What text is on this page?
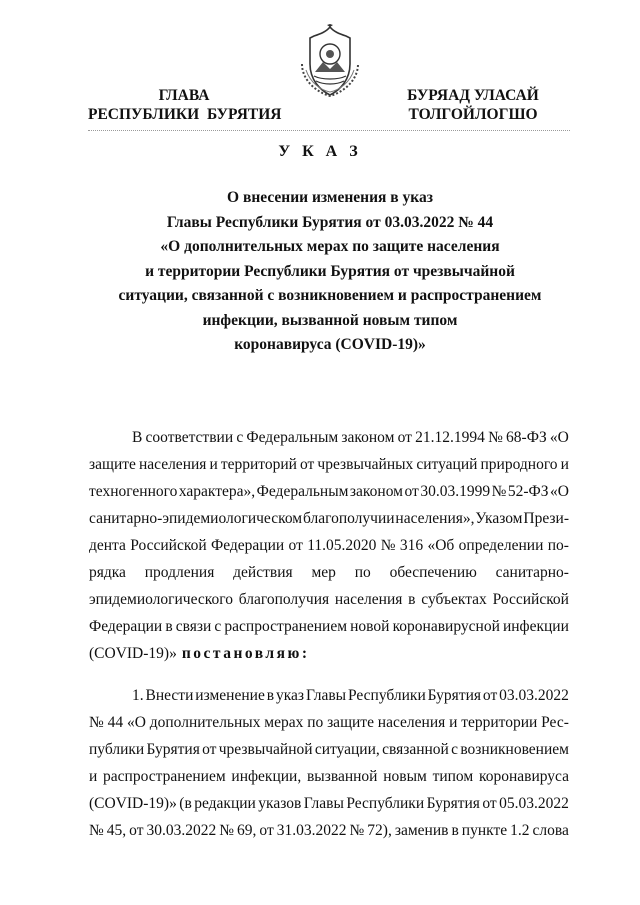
ГЛАВА
РЕСПУБЛИКИ  БУРЯТИЯ
БУРЯАД УЛАСАЙ
ТОЛГОЙЛОГШО
У К А З
О внесении изменения в указ
Главы Республики Бурятия от 03.03.2022 № 44
«О дополнительных мерах по защите населения
и территории Республики Бурятия от чрезвычайной
ситуации, связанной с возникновением и распространением
инфекции, вызванной новым типом
коронавируса (COVID-19)»
В соответствии с Федеральным законом от 21.12.1994 № 68-ФЗ «О
защите населения и территорий от чрезвычайных ситуаций природного и
техногенного характера», Федеральным законом от 30.03.1999 № 52-ФЗ «О
санитарно-эпидемиологическом благополучии населения», Указом Прези-
дента Российской Федерации от 11.05.2020 № 316 «Об определении по-
рядка продления действия мер по обеспечению санитарно-
эпидемиологического благополучия населения в субъектах Российской
Федерации в связи с распространением новой коронавирусной инфекции
(COVID-19)» постановляю:
1. Внести изменение в указ Главы Республики Бурятия от 03.03.2022
№ 44 «О дополнительных мерах по защите населения и территории Рес-
публики Бурятия от чрезвычайной ситуации, связанной с возникновением
и распространением инфекции, вызванной новым типом коронавируса
(COVID-19)» (в редакции указов Главы Республики Бурятия от 05.03.2022
№ 45, от 30.03.2022 № 69, от 31.03.2022 № 72), заменив в пункте 1.2 слова
